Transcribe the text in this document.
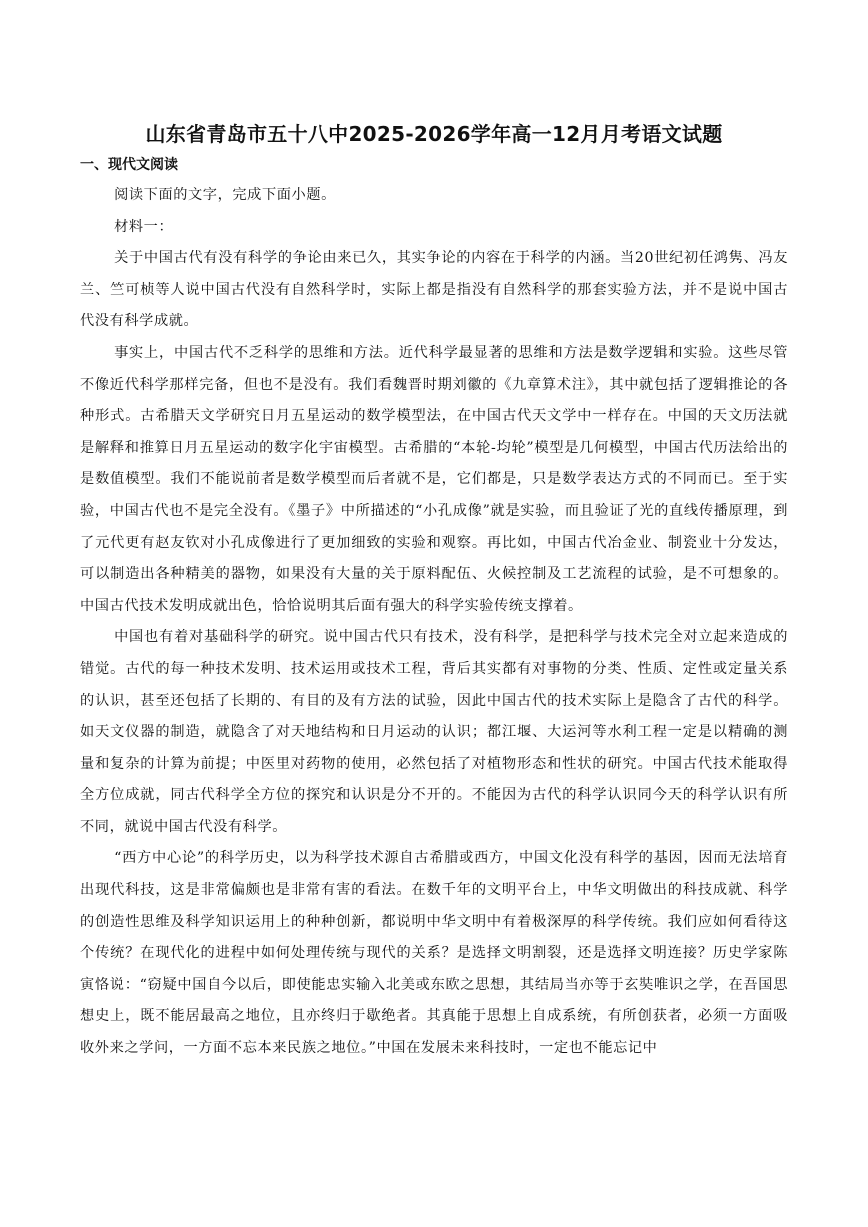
山东省青岛市五十八中2025-2026学年高一12月月考语文试题
一、现代文阅读

阅读下面的文字，完成下面小题。

材料一：

关于中国古代有没有科学的争论由来已久，其实争论的内容在于科学的内涵。当20世纪初任鸿隽、冯友兰、竺可桢等人说中国古代没有自然科学时，实际上都是指没有自然科学的那套实验方法，并不是说中国古代没有科学成就。

事实上，中国古代不乏科学的思维和方法。近代科学最显著的思维和方法是数学逻辑和实验。这些尽管不像近代科学那样完备，但也不是没有。我们看魏晋时期刘徽的《九章算术注》，其中就包括了逻辑推论的各种形式。古希腊天文学研究日月五星运动的数学模型法，在中国古代天文学中一样存在。中国的天文历法就是解释和推算日月五星运动的数字化宇宙模型。古希腊的“本轮-均轮”模型是几何模型，中国古代历法给出的是数值模型。我们不能说前者是数学模型而后者就不是，它们都是，只是数学表达方式的不同而已。至于实验，中国古代也不是完全没有。《墨子》中所描述的“小孔成像”就是实验，而且验证了光的直线传播原理，到了元代更有赵友钦对小孔成像进行了更加细致的实验和观察。再比如，中国古代冶金业、制瓷业十分发达，可以制造出各种精美的器物，如果没有大量的关于原料配伍、火候控制及工艺流程的试验，是不可想象的。中国古代技术发明成就出色，恰恰说明其后面有强大的科学实验传统支撑着。

中国也有着对基础科学的研究。说中国古代只有技术，没有科学，是把科学与技术完全对立起来造成的错觉。古代的每一种技术发明、技术运用或技术工程，背后其实都有对事物的分类、性质、定性或定量关系的认识，甚至还包括了长期的、有目的及有方法的试验，因此中国古代的技术实际上是隐含了古代的科学。如天文仪器的制造，就隐含了对天地结构和日月运动的认识；都江堰、大运河等水利工程一定是以精确的测量和复杂的计算为前提；中医里对药物的使用，必然包括了对植物形态和性状的研究。中国古代技术能取得全方位成就，同古代科学全方位的探究和认识是分不开的。不能因为古代的科学认识同今天的科学认识有所不同，就说中国古代没有科学。

“西方中心论”的科学历史，以为科学技术源自古希腊或西方，中国文化没有科学的基因，因而无法培育出现代科技，这是非常偏颇也是非常有害的看法。在数千年的文明平台上，中华文明做出的科技成就、科学的创造性思维及科学知识运用上的种种创新，都说明中华文明中有着极深厚的科学传统。我们应如何看待这个传统？在现代化的进程中如何处理传统与现代的关系？是选择文明割裂，还是选择文明连接？历史学家陈寅恪说：“窃疑中国自今以后，即使能忠实输入北美或东欧之思想，其结局当亦等于玄奘唯识之学，在吾国思想史上，既不能居最高之地位，且亦终归于歇绝者。其真能于思想上自成系统，有所创获者，必须一方面吸收外来之学问，一方面不忘本来民族之地位。”中国在发展未来科技时，一定也不能忘记中
